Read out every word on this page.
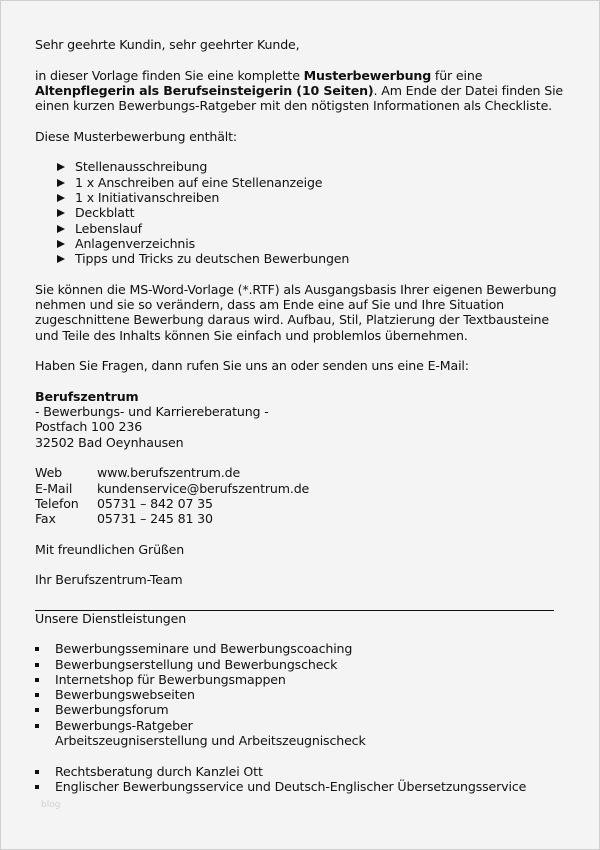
Sehr geehrte Kundin, sehr geehrter Kunde,

in dieser Vorlage finden Sie eine komplette Musterbewerbung für eine Altenpflegerin als Berufseinsteigerin (10 Seiten). Am Ende der Datei finden Sie einen kurzen Bewerbungs-Ratgeber mit den nötigsten Informationen als Checkliste.

Diese Musterbewerbung enthält:

Stellenausschreibung
1 x Anschreiben auf eine Stellenanzeige
1 x Initiativanschreiben
Deckblatt
Lebenslauf
Anlagenverzeichnis
Tipps und Tricks zu deutschen Bewerbungen

Sie können die MS-Word-Vorlage (*.RTF) als Ausgangsbasis Ihrer eigenen Bewerbung nehmen und sie so verändern, dass am Ende eine auf Sie und Ihre Situation zugeschnittene Bewerbung daraus wird. Aufbau, Stil, Platzierung der Textbausteine und Teile des Inhalts können Sie einfach und problemlos übernehmen.

Haben Sie Fragen, dann rufen Sie uns an oder senden uns eine E-Mail:

Berufszentrum

- Bewerbungs- und Karriereberatung -

Postfach 100 236

32502 Bad Oeynhausen

Web	www.berufszentrum.de
E-Mail	kundenservice@berufszentrum.de
Telefon	05731 – 842 07 35
Fax	05731 – 245 81 30

Mit freundlichen Grüßen

Ihr Berufszentrum-Team

Unsere Dienstleistungen

Bewerbungsseminare und Bewerbungscoaching
Bewerbungserstellung und Bewerbungscheck
Internetshop für Bewerbungsmappen
Bewerbungswebseiten
Bewerbungsforum
Bewerbungs-Ratgeber
Arbeitszeugniserstellung und Arbeitszeugnischeck
Rechtsberatung durch Kanzlei Ott
Englischer Bewerbungsservice und Deutsch-Englischer Übersetzungsservice
blog
